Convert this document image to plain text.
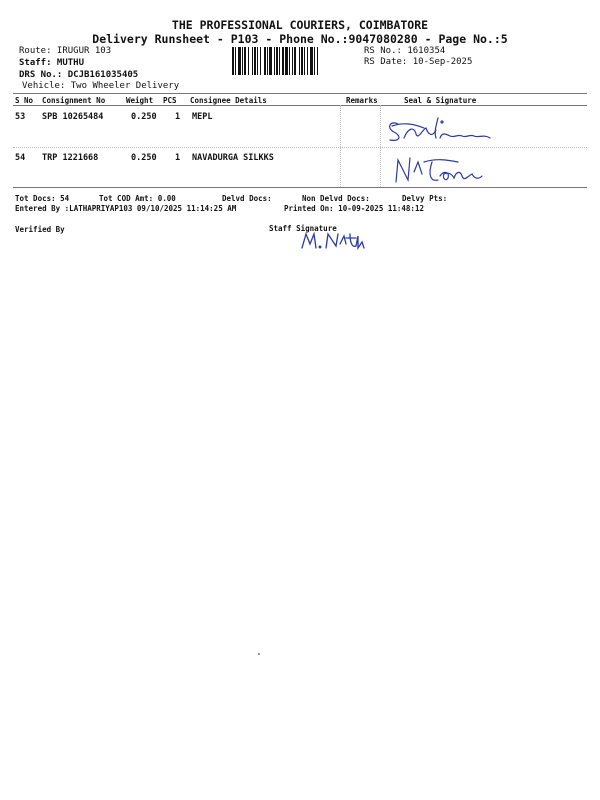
THE PROFESSIONAL COURIERS, COIMBATORE
Delivery Runsheet - P103 - Phone No.:9047080280 - Page No.:5
Route: IRUGUR 103
Staff: MUTHU
DRS No.: DCJB161035405
Vehicle: Two Wheeler Delivery
RS No.: 1610354
RS Date: 10-Sep-2025
S No Consignment No	Weight PCS Consignee Details	Remarks	Seal & Signature
53 SPB 10265484	0.250 1 MEPL
54 TRP 1221668	0.250 1 NAVADURGA SILKKS
Tot Docs: 54	Tot COD Amt: 0.00	Delvd Docs:	Non Delvd Docs:	Delvy Pts:
Entered By :LATHAPRIYAP103 09/10/2025 11:14:25 AM	Printed On: 10-09-2025 11:48:12
Verified By	Staff Signature
